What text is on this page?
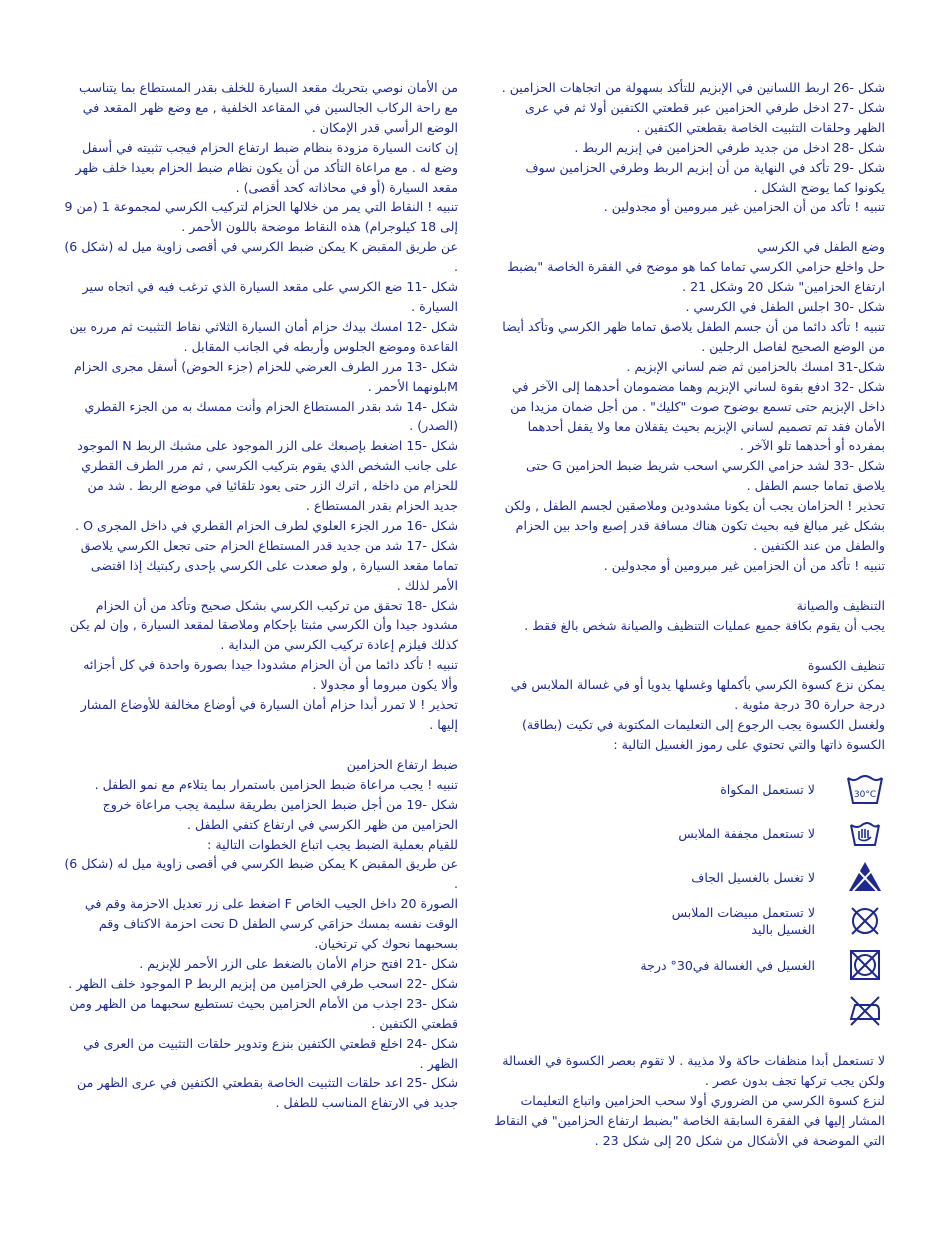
شكل -26 اربط اللسانين في الإبزيم للتأكد بسهولة من اتجاهات الحزامين .

شكل -27 ادخل طرفي الحزامين عبر قطعتي الكتفين أولا ثم في عرى الظهر وحلقات التثبيت الخاصة بقطعتي الكتفين .

شكل -28 ادخل من جديد طرفي الحزامين في إبزيم الربط .

شكل -29 تأكد في النهاية من أن إبزيم الربط وطرفي الحزامين سوف يكونوا كما يوضح الشكل .

تنبيه ! تأكد من أن الحزامين غير مبرومين أو مجدولين .

وضع الطفل في الكرسي

حل واخلع حزامي الكرسي تماما كما هو موضح في الفقرة الخاصة "بضبط ارتفاع الحزامين" شكل 20 وشكل 21 .

شكل -30 اجلس الطفل في الكرسي .

تنبيه ! تأكد دائما من أن جسم الطفل يلاصق تماما ظهر الكرسي وتأكد أيضا من الوضع الصحيح لفاصل الرجلين .

شكل-31 امسك بالحزامين ثم ضم لساني الإبزيم .

شكل -32 ادفع بقوة لساني الإبزيم وهما مضمومان أحدهما إلى الآخر في داخل الإبزيم حتى تسمع بوضوح صوت "كليك" . من أجل ضمان مزيدا من الأمان فقد تم تصميم لساني الإبزيم بحيث يقفلان معا ولا يقفل أحدهما بمفرده أو أحدهما تلو الآخر .

شكل -33 لشد حزامي الكرسي اسحب شريط ضبط الحزامين G حتى يلاصق تماما جسم الطفل .

تحذير ! الحزامان يجب أن يكونا مشدودين وملاصقين لجسم الطفل , ولكن بشكل غير مبالغ فيه بحيث تكون هناك مسافة قدر إصبع واحد بين الحزام والطفل من عند الكتفين .

تنبيه ! تأكد من أن الحزامين غير مبرومين أو مجدولين .

التنظيف والصيانة

يجب أن يقوم بكافة جميع عمليات التنظيف والصيانة شخص بالغ فقط .

تنظيف الكسوة

يمكن نزع كسوة الكرسي بأكملها وغسلها يدويا أو في غسالة الملابس في درجة حرارة 30 درجة مئوية .

ولغسل الكسوة يجب الرجوع إلى التعليمات المكتوبة في تكيت (بطاقة) الكسوة ذاتها والتي تحتوي على رموز الغسيل التالية :

30°C
لا تستعمل المكواة
لا تستعمل مجففة الملابس
لا تغسل بالغسيل الجاف
لا تستعمل مبيضات الملابس الغسيل باليد
الغسيل في الغسالة في30° درجة

لا تستعمل أبدا منظفات حاكة ولا مذيبة . لا تقوم بعصر الكسوة في الغسالة ولكن يجب تركها تجف بدون عصر .

لنزع كسوة الكرسي من الضروري أولا سحب الحزامين واتباع التعليمات المشار إليها في الفقرة السابقة الخاصة "بضبط ارتفاع الحزامين" في النقاط التي الموضحة في الأشكال من شكل 20 إلى شكل 23 .

من الأمان نوصي بتحريك مقعد السيارة للخلف بقدر المستطاع بما يتناسب مع راحة الركاب الجالسين في المقاعد الخلفية , مع وضع ظهر المقعد في الوضع الرأسي قدر الإمكان .

إن كانت السيارة مزودة بنظام ضبط ارتفاع الحزام فيجب تثبيته في أسفل وضع له . مع مراعاة التأكد من أن يكون نظام ضبط الحزام بعيدا خلف ظهر مقعد السيارة (أو في محاذاته كحد أقصى) .

تنبيه ! النقاط التي يمر من خلالها الحزام لتركيب الكرسي لمجموعة 1 (من 9 إلى 18 كيلوجرام) هذه النقاط موضحة باللون الأحمر .

عن طريق المقبض K يمكن ضبط الكرسي في أقصى زاوية ميل له (شكل 6) .

شكل -11 ضع الكرسي على مقعد السيارة الذي ترغب فيه في اتجاه سير السيارة .

شكل -12 امسك بيدك حزام أمان السيارة الثلاثي نقاط التثبيت ثم مرره بين القاعدة وموضع الجلوس وأربطه في الجانب المقابل .

شكل -13 مرر الطرف العرضي للحزام (جزء الحوض) أسفل مجرى الحزام Mبلونهما الأحمر .

شكل -14 شد بقدر المستطاع الحزام وأنت ممسك به من الجزء القطري (الصدر) .

شكل -15 اضغط بإصبعك على الزر الموجود على مشبك الربط N الموجود على جانب الشخص الذي يقوم بتركيب الكرسي , ثم مرر الطرف القطري للحزام من داخله , اترك الزر حتى يعود تلقائيا في موضع الربط . شد من جديد الحزام بقدر المستطاع .

شكل -16 مرر الجزء العلوي لطرف الحزام القطري في داخل المجرى O .

شكل -17 شد من جديد قدر المستطاع الحزام حتى تجعل الكرسي يلاصق تماما مقعد السيارة , ولو صعدت على الكرسي بإحدى ركبتيك إذا اقتضى الأمر لذلك .

شكل -18 تحقق من تركيب الكرسي بشكل صحيح وتأكد من أن الحزام مشدود جيدا وأن الكرسي مثبتا بإحكام وملاصقا لمقعد السيارة , وإن لم يكن كذلك فيلزم إعادة تركيب الكرسي من البداية .

تنبيه ! تأكد دائما من أن الحزام مشدودا جيدا بصورة واحدة في كل أجزائه وألا يكون مبروما أو مجدولا .

تحذير ! لا تمرر أبدا حزام أمان السيارة في أوضاع مخالفة للأوضاع المشار إليها .

ضبط ارتفاع الحزامين

تنبيه ! يجب مراعاة ضبط الحزامين باستمرار بما يتلاءم مع نمو الطفل .

شكل -19 من أجل ضبط الحزامين بطريقة سليمة يجب مراعاة خروج الحزامين من ظهر الكرسي في ارتفاع كتفي الطفل .

للقيام بعملية الضبط يجب اتباع الخطوات التالية :

عن طريق المقبض K يمكن ضبط الكرسي في أقصى زاوية ميل له (شكل 6) .

الصورة 20 داخل الجيب الخاص F اضغط على زر تعديل الاحزمة وقم في الوقت نفسه بمسك حزامَي كرسي الطفل D تحت احزمة الاكتاف وقم بسحبهما نحوك كي ترتخيان.

شكل -21 افتح حزام الأمان بالضغط على الزر الأحمر للإبزيم .

شكل -22 اسحب طرفي الحزامين من إبزيم الربط P الموجود خلف الظهر .

شكل -23 اجذب من الأمام الحزامين بحيث تستطيع سحبهما من الظهر ومن قطعتي الكتفين .

شكل -24 اخلع قطعتي الكتفين بنزع وتدوير حلقات التثبيت من العرى في الظهر .

شكل -25 اعد حلقات التثبيت الخاصة بقطعتي الكتفين في عرى الظهر من جديد في الارتفاع المناسب للطفل .
